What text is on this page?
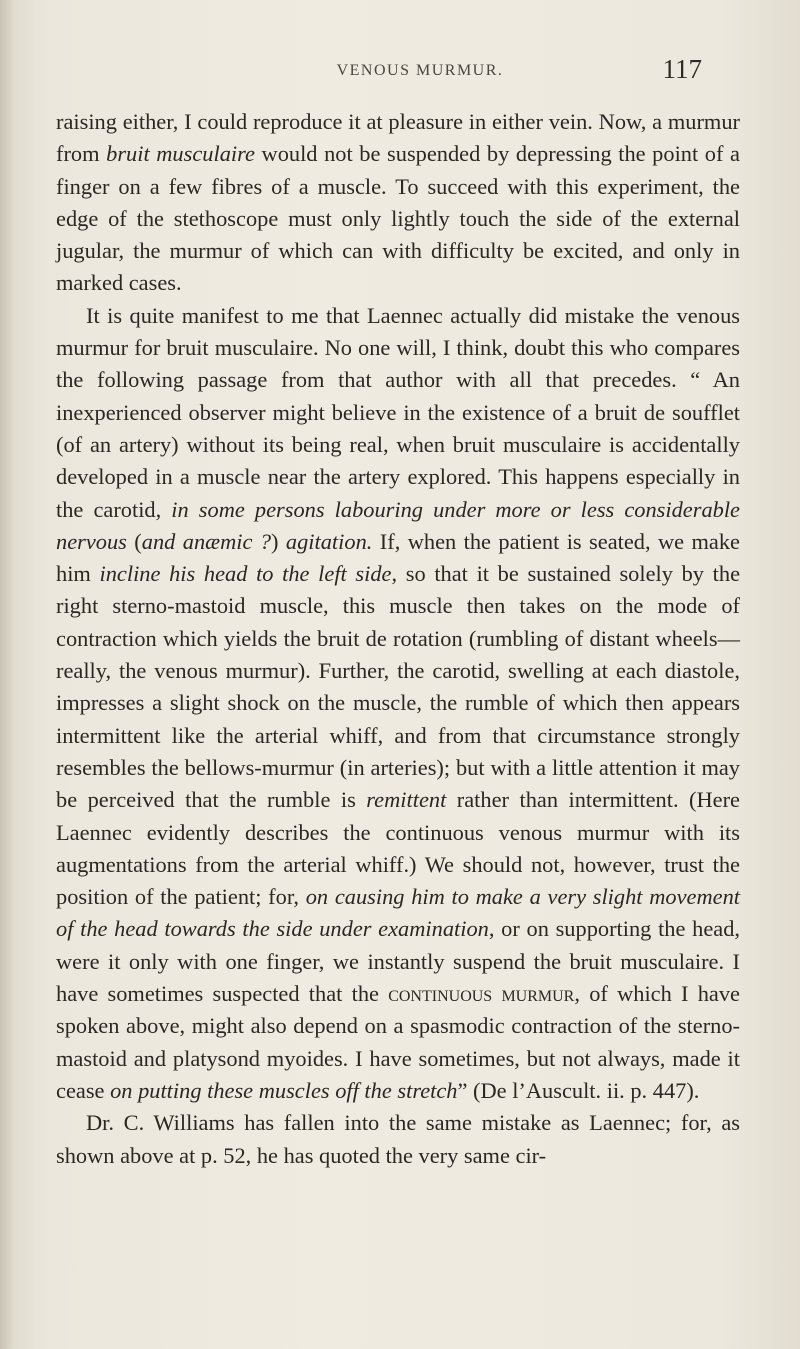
VENOUS MURMUR.	117

raising either, I could reproduce it at pleasure in either vein. Now, a murmur from bruit musculaire would not be suspended by depressing the point of a finger on a few fibres of a muscle. To succeed with this experiment, the edge of the stethoscope must only lightly touch the side of the external jugular, the murmur of which can with difficulty be excited, and only in marked cases.

It is quite manifest to me that Laennec actually did mistake the venous murmur for bruit musculaire. No one will, I think, doubt this who compares the following passage from that author with all that precedes. “ An inexperienced observer might believe in the existence of a bruit de soufflet (of an artery) without its being real, when bruit musculaire is accidentally developed in a muscle near the artery explored. This happens especially in the carotid, in some persons labouring under more or less considerable nervous (and anæmic ?) agitation. If, when the patient is seated, we make him incline his head to the left side, so that it be sustained solely by the right sterno-mastoid muscle, this muscle then takes on the mode of contraction which yields the bruit de rotation (rumbling of distant wheels—really, the venous murmur). Further, the carotid, swelling at each diastole, impresses a slight shock on the muscle, the rumble of which then appears intermittent like the arterial whiff, and from that circumstance strongly resembles the bellows-murmur (in arteries); but with a little attention it may be perceived that the rumble is remittent rather than intermittent. (Here Laennec evidently describes the continuous venous murmur with its augmentations from the arterial whiff.) We should not, however, trust the position of the patient; for, on causing him to make a very slight movement of the head towards the side under examination, or on supporting the head, were it only with one finger, we instantly suspend the bruit musculaire. I have sometimes suspected that the continuous murmur, of which I have spoken above, might also depend on a spasmodic contraction of the sterno-mastoid and platysond myoides. I have sometimes, but not always, made it cease on putting these muscles off the stretch” (De l’Auscult. ii. p. 447).

Dr. C. Williams has fallen into the same mistake as Laennec; for, as shown above at p. 52, he has quoted the very same cir-
